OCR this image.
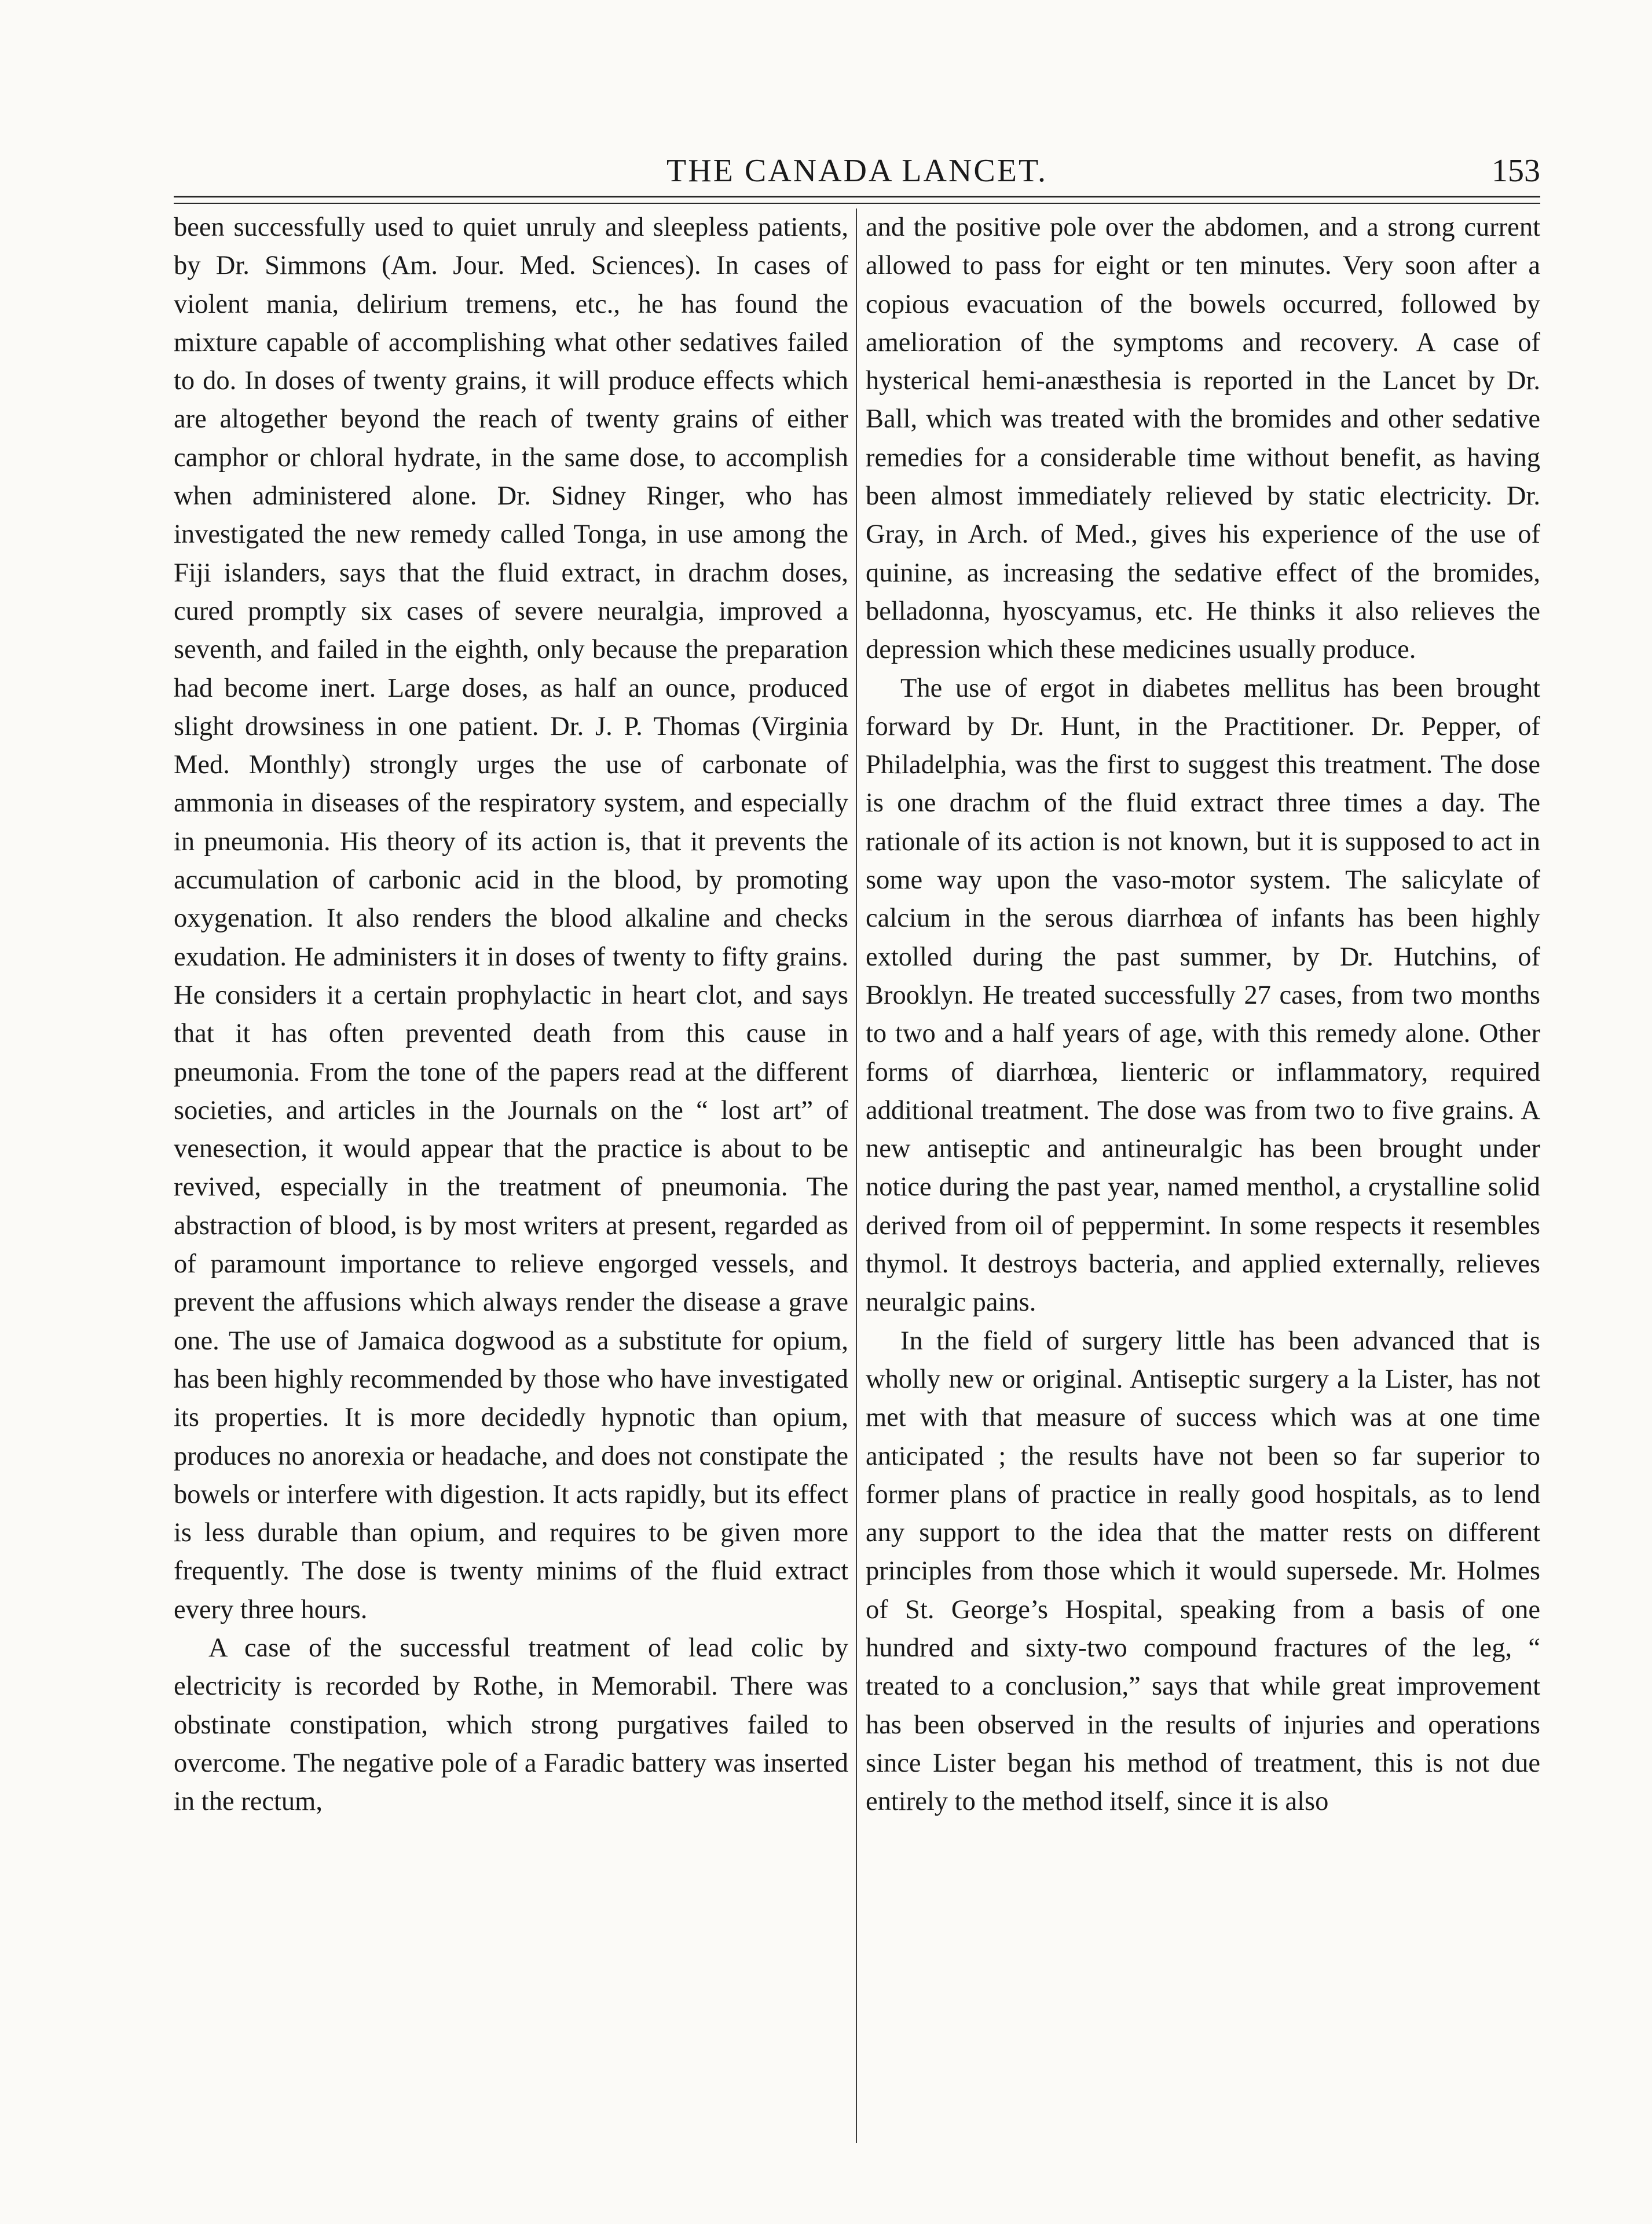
THE CANADA LANCET.	153

been successfully used to quiet unruly and sleepless patients, by Dr. Simmons (Am. Jour. Med. Sciences). In cases of violent mania, delirium tremens, etc., he has found the mixture capable of accomplishing what other sedatives failed to do. In doses of twenty grains, it will produce effects which are altogether beyond the reach of twenty grains of either camphor or chloral hydrate, in the same dose, to accomplish when administered alone. Dr. Sidney Ringer, who has investigated the new remedy called Tonga, in use among the Fiji islanders, says that the fluid extract, in drachm doses, cured promptly six cases of severe neuralgia, improved a seventh, and failed in the eighth, only because the preparation had become inert. Large doses, as half an ounce, produced slight drowsiness in one patient. Dr. J. P. Thomas (Virginia Med. Monthly) strongly urges the use of carbonate of ammonia in diseases of the respiratory system, and especially in pneumonia. His theory of its action is, that it prevents the accumulation of carbonic acid in the blood, by promoting oxygenation. It also renders the blood alkaline and checks exudation. He administers it in doses of twenty to fifty grains. He considers it a certain prophylactic in heart clot, and says that it has often prevented death from this cause in pneumonia. From the tone of the papers read at the different societies, and articles in the Journals on the “ lost art” of venesection, it would appear that the practice is about to be revived, especially in the treatment of pneumonia. The abstraction of blood, is by most writers at present, regarded as of paramount importance to relieve engorged vessels, and prevent the affusions which always render the disease a grave one. The use of Jamaica dogwood as a substitute for opium, has been highly recommended by those who have investigated its properties. It is more decidedly hypnotic than opium, produces no anorexia or headache, and does not constipate the bowels or interfere with digestion. It acts rapidly, but its effect is less durable than opium, and requires to be given more frequently. The dose is twenty minims of the fluid extract every three hours.

A case of the successful treatment of lead colic by electricity is recorded by Rothe, in Memorabil. There was obstinate constipation, which strong purgatives failed to overcome. The negative pole of a Faradic battery was inserted in the rectum,

and the positive pole over the abdomen, and a strong current allowed to pass for eight or ten minutes. Very soon after a copious evacuation of the bowels occurred, followed by amelioration of the symptoms and recovery. A case of hysterical hemi-anæsthesia is reported in the Lancet by Dr. Ball, which was treated with the bromides and other sedative remedies for a considerable time without benefit, as having been almost immediately relieved by static electricity. Dr. Gray, in Arch. of Med., gives his experience of the use of quinine, as increasing the sedative effect of the bromides, belladonna, hyoscyamus, etc. He thinks it also relieves the depression which these medicines usually produce.

The use of ergot in diabetes mellitus has been brought forward by Dr. Hunt, in the Practitioner. Dr. Pepper, of Philadelphia, was the first to suggest this treatment. The dose is one drachm of the fluid extract three times a day. The rationale of its action is not known, but it is supposed to act in some way upon the vaso-motor system. The salicylate of calcium in the serous diarrhœa of infants has been highly extolled during the past summer, by Dr. Hutchins, of Brooklyn. He treated successfully 27 cases, from two months to two and a half years of age, with this remedy alone. Other forms of diarrhœa, lienteric or inflammatory, required additional treatment. The dose was from two to five grains. A new antiseptic and antineuralgic has been brought under notice during the past year, named menthol, a crystalline solid derived from oil of peppermint. In some respects it resembles thymol. It destroys bacteria, and applied externally, relieves neuralgic pains.

In the field of surgery little has been advanced that is wholly new or original. Antiseptic surgery a la Lister, has not met with that measure of success which was at one time anticipated ; the results have not been so far superior to former plans of practice in really good hospitals, as to lend any support to the idea that the matter rests on different principles from those which it would supersede. Mr. Holmes of St. George’s Hospital, speaking from a basis of one hundred and sixty-two compound fractures of the leg, “ treated to a conclusion,” says that while great improvement has been observed in the results of injuries and operations since Lister began his method of treatment, this is not due entirely to the method itself, since it is also
